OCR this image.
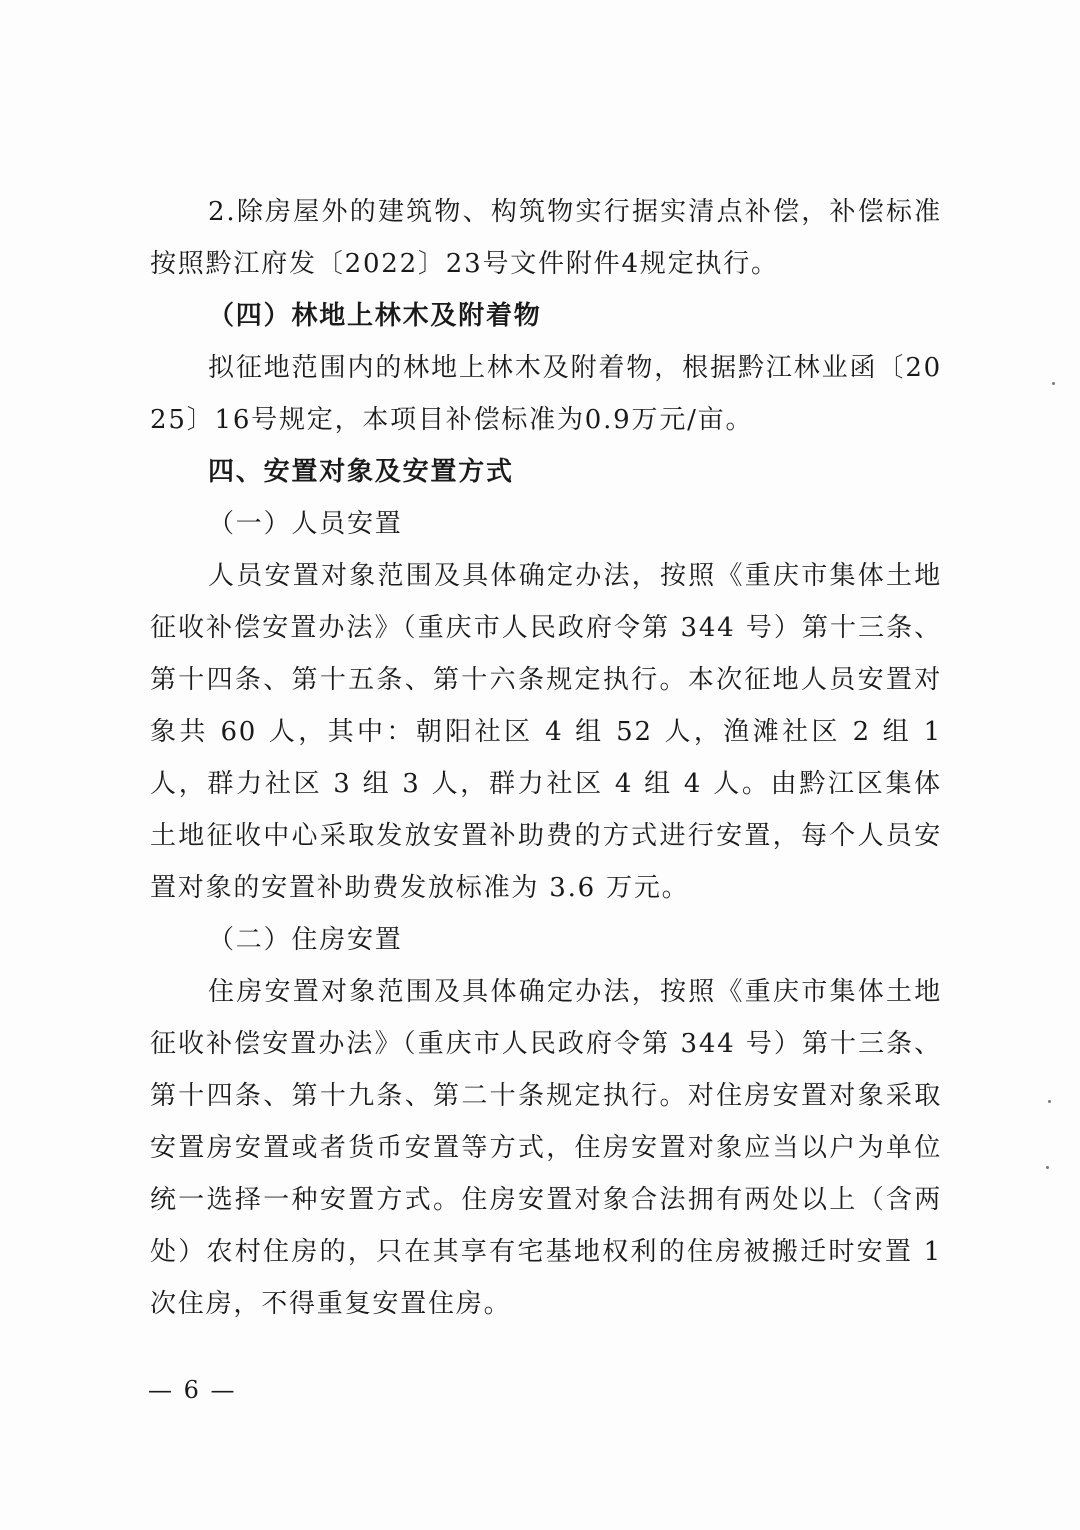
2.除房屋外的建筑物、构筑物实行据实清点补偿，补偿标准按照黔江府发〔2022〕23号文件附件4规定执行。

（四）林地上林木及附着物

拟征地范围内的林地上林木及附着物，根据黔江林业函〔2025〕16号规定，本项目补偿标准为0.9万元/亩。

四、安置对象及安置方式

（一）人员安置

人员安置对象范围及具体确定办法，按照《重庆市集体土地征收补偿安置办法》（重庆市人民政府令第 344 号）第十三条、第十四条、第十五条、第十六条规定执行。本次征地人员安置对象共 60 人，其中：朝阳社区 4 组 52 人，渔滩社区 2 组 1 人，群力社区 3 组 3 人，群力社区 4 组 4 人。由黔江区集体土地征收中心采取发放安置补助费的方式进行安置，每个人员安置对象的安置补助费发放标准为 3.6 万元。

（二）住房安置

住房安置对象范围及具体确定办法，按照《重庆市集体土地征收补偿安置办法》（重庆市人民政府令第 344 号）第十三条、第十四条、第十九条、第二十条规定执行。对住房安置对象采取安置房安置或者货币安置等方式，住房安置对象应当以户为单位统一选择一种安置方式。住房安置对象合法拥有两处以上（含两处）农村住房的，只在其享有宅基地权利的住房被搬迁时安置 1 次住房，不得重复安置住房。

— 6 —
